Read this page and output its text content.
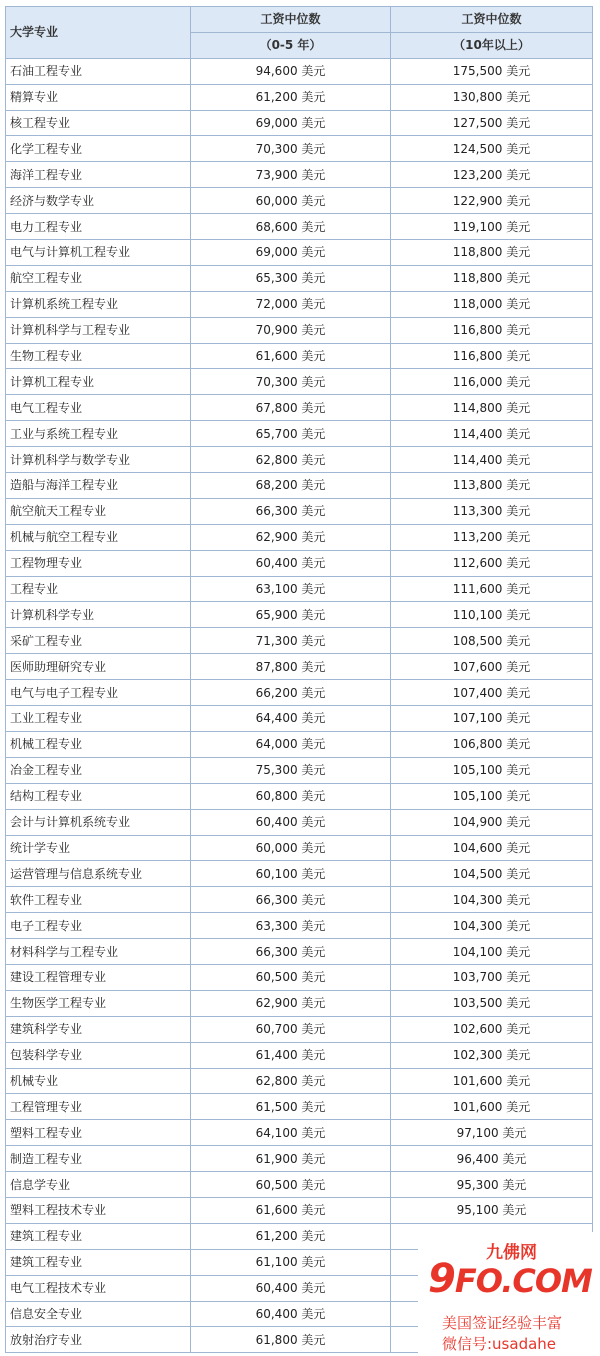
大学专业	工资中位数	工资中位数
	（0-5 年）	（10年以上）
石油工程专业	94,600 美元	175,500 美元
精算专业	61,200 美元	130,800 美元
核工程专业	69,000 美元	127,500 美元
化学工程专业	70,300 美元	124,500 美元
海洋工程专业	73,900 美元	123,200 美元
经济与数学专业	60,000 美元	122,900 美元
电力工程专业	68,600 美元	119,100 美元
电气与计算机工程专业	69,000 美元	118,800 美元
航空工程专业	65,300 美元	118,800 美元
计算机系统工程专业	72,000 美元	118,000 美元
计算机科学与工程专业	70,900 美元	116,800 美元
生物工程专业	61,600 美元	116,800 美元
计算机工程专业	70,300 美元	116,000 美元
电气工程专业	67,800 美元	114,800 美元
工业与系统工程专业	65,700 美元	114,400 美元
计算机科学与数学专业	62,800 美元	114,400 美元
造船与海洋工程专业	68,200 美元	113,800 美元
航空航天工程专业	66,300 美元	113,300 美元
机械与航空工程专业	62,900 美元	113,200 美元
工程物理专业	60,400 美元	112,600 美元
工程专业	63,100 美元	111,600 美元
计算机科学专业	65,900 美元	110,100 美元
采矿工程专业	71,300 美元	108,500 美元
医师助理研究专业	87,800 美元	107,600 美元
电气与电子工程专业	66,200 美元	107,400 美元
工业工程专业	64,400 美元	107,100 美元
机械工程专业	64,000 美元	106,800 美元
冶金工程专业	75,300 美元	105,100 美元
结构工程专业	60,800 美元	105,100 美元
会计与计算机系统专业	60,400 美元	104,900 美元
统计学专业	60,000 美元	104,600 美元
运营管理与信息系统专业	60,100 美元	104,500 美元
软件工程专业	66,300 美元	104,300 美元
电子工程专业	63,300 美元	104,300 美元
材料科学与工程专业	66,300 美元	104,100 美元
建设工程管理专业	60,500 美元	103,700 美元
生物医学工程专业	62,900 美元	103,500 美元
建筑科学专业	60,700 美元	102,600 美元
包装科学专业	61,400 美元	102,300 美元
机械专业	62,800 美元	101,600 美元
工程管理专业	61,500 美元	101,600 美元
塑料工程专业	64,100 美元	97,100 美元
制造工程专业	61,900 美元	96,400 美元
信息学专业	60,500 美元	95,300 美元
塑料工程技术专业	61,600 美元	95,100 美元
建筑工程专业	61,200 美元	
建筑工程专业	61,100 美元	
电气工程技术专业	60,400 美元	
信息安全专业	60,400 美元	
放射治疗专业	61,800 美元	
九佛网
9FO.COM
美国签证经验丰富
微信号:usadahe
